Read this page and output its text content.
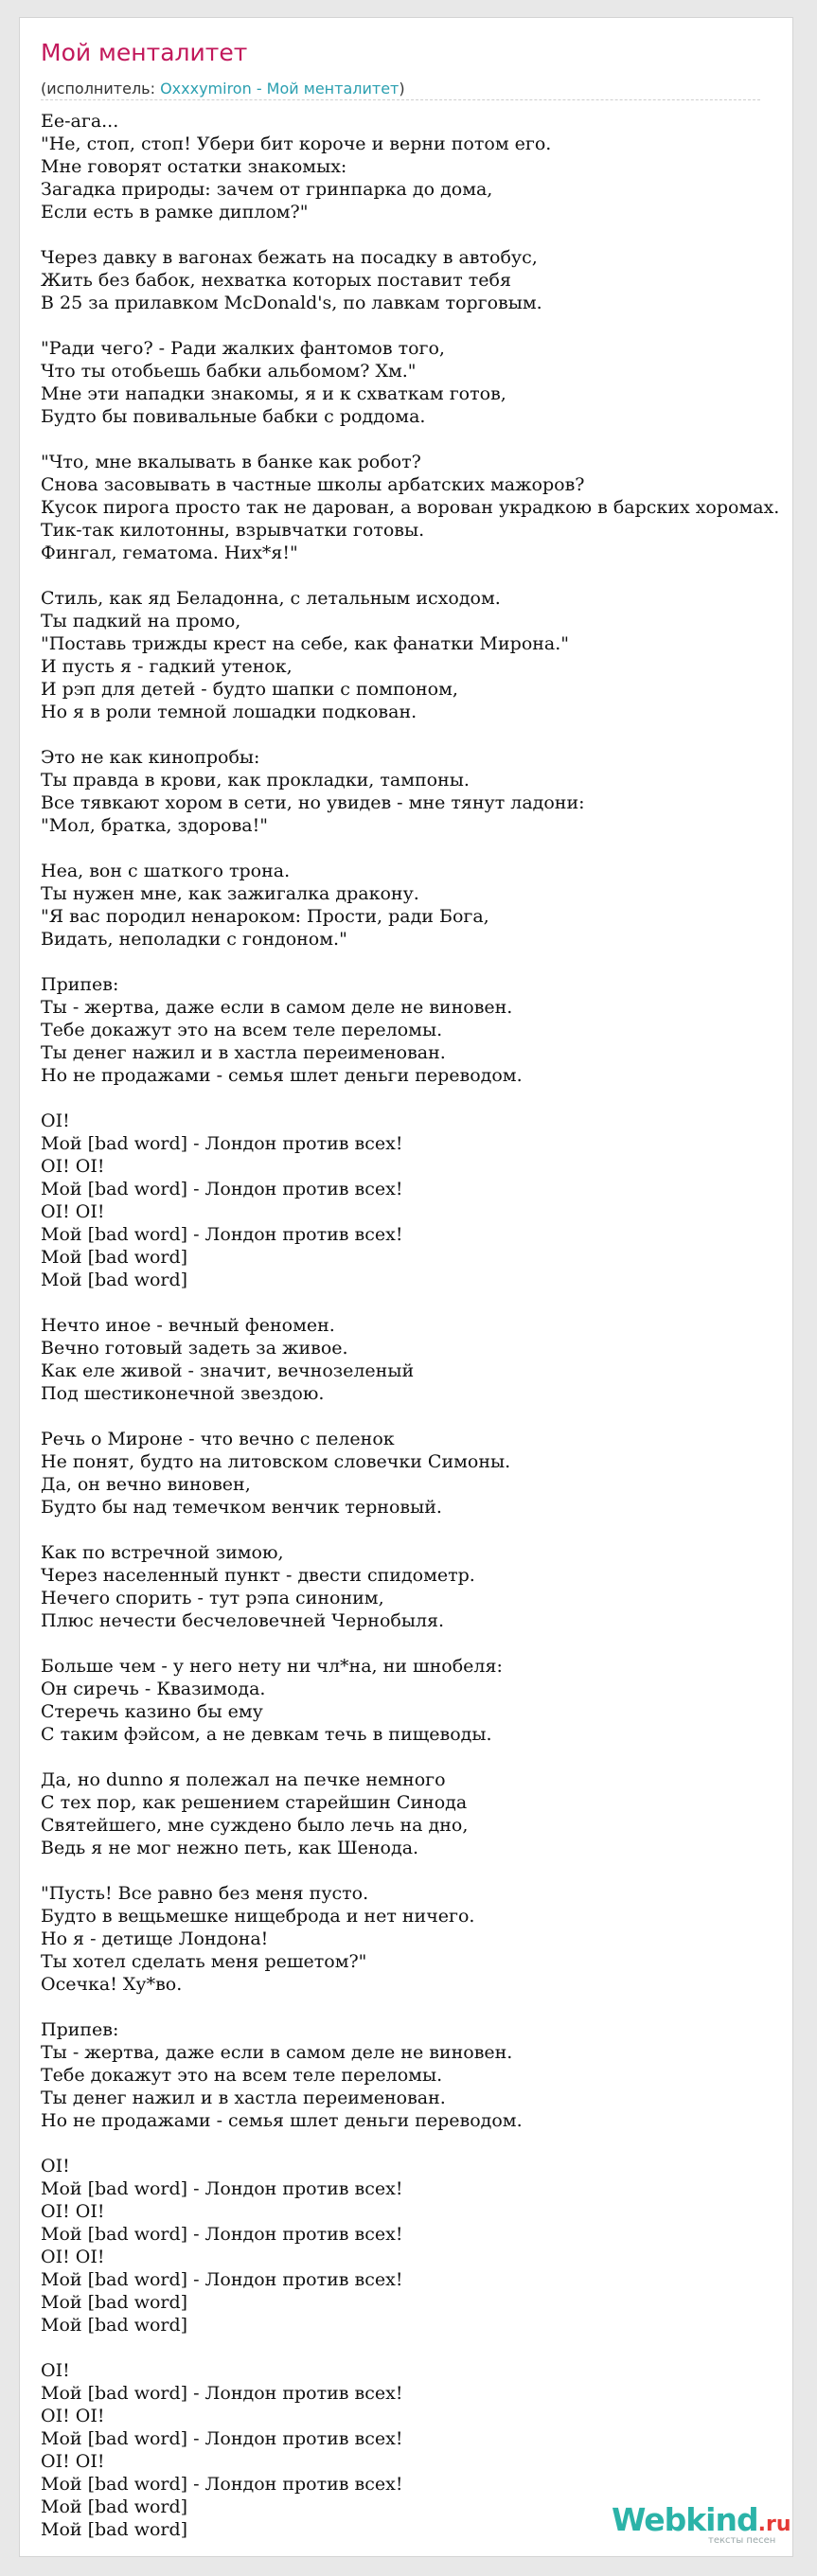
Мой менталитет
(исполнитель: Oxxxymiron - Мой менталитет)
Ее-ага...
"Не, стоп, стоп! Убери бит короче и верни потом его.
Мне говорят остатки знакомых:
Загадка природы: зачем от гринпарка до дома,
Если есть в рамке диплом?"

Через давку в вагонах бежать на посадку в автобус,
Жить без бабок, нехватка которых поставит тебя
В 25 за прилавком McDonald's, по лавкам торговым.

"Ради чего? - Ради жалких фантомов того,
Что ты отобьешь бабки альбомом? Хм."
Мне эти нападки знакомы, я и к схваткам готов,
Будто бы повивальные бабки с роддома.

"Что, мне вкалывать в банке как робот?
Снова засовывать в частные школы арбатских мажоров?
Кусок пирога просто так не дарован, а ворован украдкою в барских хоромах.
Тик-так килотонны, взрывчатки готовы.
Фингал, гематома. Них*я!"

Стиль, как яд Беладонна, с летальным исходом.
Ты падкий на промо,
"Поставь трижды крест на себе, как фанатки Мирона."
И пусть я - гадкий утенок,
И рэп для детей - будто шапки с помпоном,
Но я в роли темной лошадки подкован.

Это не как кинопробы:
Ты правда в крови, как прокладки, тампоны.
Все тявкают хором в сети, но увидев - мне тянут ладони:
"Мол, братка, здорова!"

Неа, вон с шаткого трона.
Ты нужен мне, как зажигалка дракону.
"Я вас породил ненароком: Прости, ради Бога,
Видать, неполадки с гондоном."

Припев:
Ты - жертва, даже если в самом деле не виновен.
Тебе докажут это на всем теле переломы.
Ты денег нажил и в хастла переименован.
Но не продажами - семья шлет деньги переводом.

OI!
Мой [bad word] - Лондон против всех!
OI! OI!
Мой [bad word] - Лондон против всех!
OI! OI!
Мой [bad word] - Лондон против всех!
Мой [bad word]
Мой [bad word]

Нечто иное - вечный феномен.
Вечно готовый задеть за живое.
Как еле живой - значит, вечнозеленый
Под шестиконечной звездою.

Речь о Мироне - что вечно с пеленок
Не понят, будто на литовском словечки Симоны.
Да, он вечно виновен,
Будто бы над темечком венчик терновый.

Как по встречной зимою,
Через населенный пункт - двести спидометр.
Нечего спорить - тут рэпа синоним,
Плюс нечести бесчеловечней Чернобыля.

Больше чем - у него нету ни чл*на, ни шнобеля:
Он сиречь - Квазимода.
Стеречь казино бы ему
С таким фэйсом, а не девкам течь в пищеводы.

Да, но dunno я полежал на печке немного
С тех пор, как решением старейшин Синода
Святейшего, мне суждено было лечь на дно,
Ведь я не мог нежно петь, как Шенода.

"Пусть! Все равно без меня пусто.
Будто в вещьмешке нищеброда и нет ничего.
Но я - детище Лондона!
Ты хотел сделать меня решетом?"
Осечка! Ху*во.

Припев:
Ты - жертва, даже если в самом деле не виновен.
Тебе докажут это на всем теле переломы.
Ты денег нажил и в хастла переименован.
Но не продажами - семья шлет деньги переводом.

OI!
Мой [bad word] - Лондон против всех!
OI! OI!
Мой [bad word] - Лондон против всех!
OI! OI!
Мой [bad word] - Лондон против всех!
Мой [bad word]
Мой [bad word]

OI!
Мой [bad word] - Лондон против всех!
OI! OI!
Мой [bad word] - Лондон против всех!
OI! OI!
Мой [bad word] - Лондон против всех!
Мой [bad word]
Мой [bad word]	Webkind.ru
тексты песен
